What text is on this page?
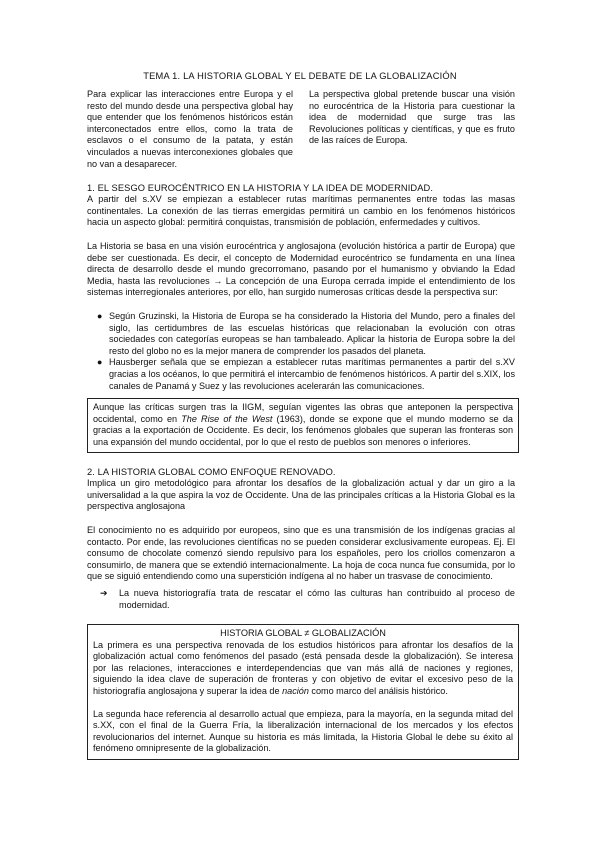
TEMA 1. LA HISTORIA GLOBAL Y EL DEBATE DE LA GLOBALIZACIÓN
Para explicar las interacciones entre Europa y el resto del mundo desde una perspectiva global hay que entender que los fenómenos históricos están interconectados entre ellos, como la trata de esclavos o el consumo de la patata, y están vinculados a nuevas interconexiones globales que no van a desaparecer.
La perspectiva global pretende buscar una visión no eurocéntrica de la Historia para cuestionar la idea de modernidad que surge tras las Revoluciones políticas y científicas, y que es fruto de las raíces de Europa.
1. EL SESGO EUROCÉNTRICO EN LA HISTORIA Y LA IDEA DE MODERNIDAD.

A partir del s.XV se empiezan a establecer rutas marítimas permanentes entre todas las masas continentales. La conexión de las tierras emergidas permitirá un cambio en los fenómenos históricos hacia un aspecto global: permitirá conquistas, transmisión de población, enfermedades y cultivos.

La Historia se basa en una visión eurocéntrica y anglosajona (evolución histórica a partir de Europa) que debe ser cuestionada. Es decir, el concepto de Modernidad eurocéntrico se fundamenta en una línea directa de desarrollo desde el mundo grecorromano, pasando por el humanismo y obviando la Edad Media, hasta las revoluciones → La concepción de una Europa cerrada impide el entendimiento de los sistemas interregionales anteriores, por ello, han surgido numerosas críticas desde la perspectiva sur:

● Según Gruzinski, la Historia de Europa se ha considerado la Historia del Mundo, pero a finales del siglo, las certidumbres de las escuelas históricas que relacionaban la evolución con otras sociedades con categorías europeas se han tambaleado. Aplicar la historia de Europa sobre la del resto del globo no es la mejor manera de comprender los pasados del planeta.
● Hausberger señala que se empiezan a establecer rutas marítimas permanentes a partir del s.XV gracias a los océanos, lo que permitirá el intercambio de fenómenos históricos. A partir del s.XIX, los canales de Panamá y Suez y las revoluciones acelerarán las comunicaciones.

Aunque las críticas surgen tras la IIGM, seguían vigentes las obras que anteponen la perspectiva occidental, como en The Rise of the West (1963), donde se expone que el mundo moderno se da gracias a la exportación de Occidente. Es decir, los fenómenos globales que superan las fronteras son una expansión del mundo occidental, por lo que el resto de pueblos son menores o inferiores.

2. LA HISTORIA GLOBAL COMO ENFOQUE RENOVADO.

Implica un giro metodológico para afrontar los desafíos de la globalización actual y dar un giro a la universalidad a la que aspira la voz de Occidente. Una de las principales críticas a la Historia Global es la perspectiva anglosajona

El conocimiento no es adquirido por europeos, sino que es una transmisión de los indígenas gracias al contacto. Por ende, las revoluciones científicas no se pueden considerar exclusivamente europeas. Ej. El consumo de chocolate comenzó siendo repulsivo para los españoles, pero los criollos comenzaron a consumirlo, de manera que se extendió internacionalmente. La hoja de coca nunca fue consumida, por lo que se siguió entendiendo como una superstición indígena al no haber un trasvase de conocimiento.

➔ La nueva historiografía trata de rescatar el cómo las culturas han contribuido al proceso de modernidad.

HISTORIA GLOBAL ≠ GLOBALIZACIÓN

La primera es una perspectiva renovada de los estudios históricos para afrontar los desafíos de la globalización actual como fenómenos del pasado (está pensada desde la globalización). Se interesa por las relaciones, interacciones e interdependencias que van más allá de naciones y regiones, siguiendo la idea clave de superación de fronteras y con objetivo de evitar el excesivo peso de la historiografía anglosajona y superar la idea de nación como marco del análisis histórico.

La segunda hace referencia al desarrollo actual que empieza, para la mayoría, en la segunda mitad del s.XX, con el final de la Guerra Fría, la liberalización internacional de los mercados y los efectos revolucionarios del internet. Aunque su historia es más limitada, la Historia Global le debe su éxito al fenómeno omnipresente de la globalización.
